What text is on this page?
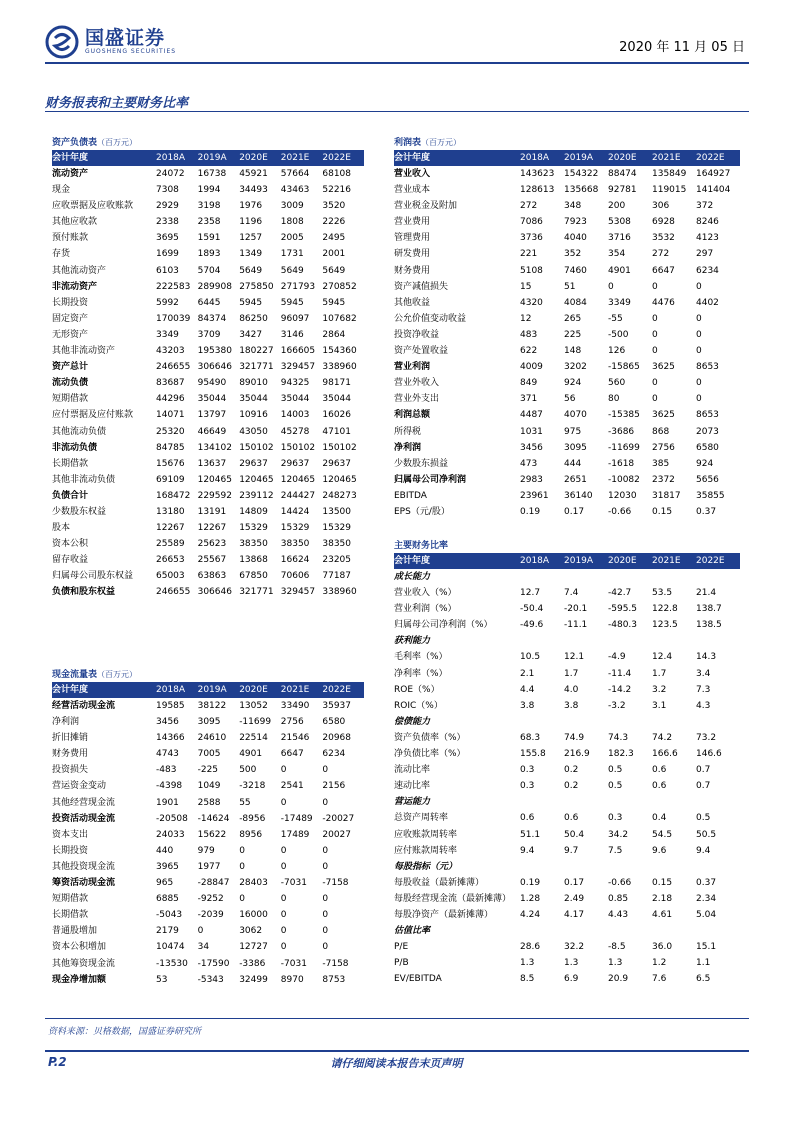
国盛证券
GUOSHENG SECURITIES	2020 年 11 月 05 日
财务报表和主要财务比率
资产负债表（百万元）
会计年度	2018A	2019A	2020E	2021E	2022E
流动资产	24072	16738	45921	57664	68108
现金	7308	1994	34493	43463	52216
应收票据及应收账款	2929	3198	1976	3009	3520
其他应收款	2338	2358	1196	1808	2226
预付账款	3695	1591	1257	2005	2495
存货	1699	1893	1349	1731	2001
其他流动资产	6103	5704	5649	5649	5649
非流动资产	222583 289908 275850 271793 270852
长期投资	5992	6445	5945	5945	5945
固定资产	170039 84374	86250	96097	107682
无形资产	3349	3709	3427	3146	2864
其他非流动资产	43203	195380 180227 166605 154360
资产总计	246655 306646 321771 329457 338960
流动负债	83687	95490	89010	94325	98171
短期借款	44296	35044	35044	35044	35044
应付票据及应付账款	14071	13797	10916	14003	16026
其他流动负债	25320	46649	43050	45278	47101
非流动负债	84785	134102 150102 150102 150102
长期借款	15676	13637	29637	29637	29637
其他非流动负债	69109	120465 120465 120465 120465
负债合计	168472 229592 239112 244427 248273
少数股东权益	13180	13191	14809	14424	13500
股本	12267	12267	15329	15329	15329
资本公积	25589	25623	38350	38350	38350
留存收益	26653	25567	13868	16624	23205
归属母公司股东权益	65003	63863	67850	70606	77187
负债和股东权益	246655 306646 321771 329457 338960
现金流量表（百万元）
会计年度	2018A	2019A	2020E	2021E	2022E
经营活动现金流	19585	38122	13052	33490	35937
净利润	3456	3095	-11699	2756	6580
折旧摊销	14366	24610	22514	21546	20968
财务费用	4743	7005	4901	6647	6234
投资损失	-483	-225	500	0	0
营运资金变动	-4398	1049	-3218	2541	2156
其他经营现金流	1901	2588	55	0	0
投资活动现金流	-20508	-14624	-8956	-17489	-20027
资本支出	24033	15622	8956	17489	20027
长期投资	440	979	0	0	0
其他投资现金流	3965	1977	0	0	0
筹资活动现金流	965	-28847	28403	-7031	-7158
短期借款	6885	-9252	0	0	0
长期借款	-5043	-2039	16000	0	0
普通股增加	2179	0	3062	0	0
资本公积增加	10474	34	12727	0	0
其他筹资现金流	-13530	-17590	-3386	-7031	-7158
现金净增加额	53	-5343	32499	8970	8753
利润表（百万元）
会计年度	2018A	2019A	2020E	2021E	2022E
营业收入	143623	154322	88474	135849	164927
营业成本	128613	135668	92781	119015	141404
营业税金及附加	272	348	200	306	372
营业费用	7086	7923	5308	6928	8246
管理费用	3736	4040	3716	3532	4123
研发费用	221	352	354	272	297
财务费用	5108	7460	4901	6647	6234
资产减值损失	15	51	0	0	0
其他收益	4320	4084	3349	4476	4402
公允价值变动收益	12	265	-55	0	0
投资净收益	483	225	-500	0	0
资产处置收益	622	148	126	0	0
营业利润	4009	3202	-15865	3625	8653
营业外收入	849	924	560	0	0
营业外支出	371	56	80	0	0
利润总额	4487	4070	-15385	3625	8653
所得税	1031	975	-3686	868	2073
净利润	3456	3095	-11699	2756	6580
少数股东损益	473	444	-1618	385	924
归属母公司净利润	2983	2651	-10082	2372	5656
EBITDA	23961	36140	12030	31817	35855
EPS（元/股）	0.19	0.17	-0.66	0.15	0.37
主要财务比率
会计年度	2018A	2019A	2020E	2021E	2022E
成长能力
营业收入（%）	12.7	7.4	-42.7	53.5	21.4
营业利润（%）	-50.4	-20.1	-595.5	122.8	138.7
归属母公司净利润（%）	-49.6	-11.1	-480.3	123.5	138.5
获利能力
毛利率（%）	10.5	12.1	-4.9	12.4	14.3
净利率（%）	2.1	1.7	-11.4	1.7	3.4
ROE（%）	4.4	4.0	-14.2	3.2	7.3
ROIC（%）	3.8	3.8	-3.2	3.1	4.3
偿债能力
资产负债率（%）	68.3	74.9	74.3	74.2	73.2
净负债比率（%）	155.8	216.9	182.3	166.6	146.6
流动比率	0.3	0.2	0.5	0.6	0.7
速动比率	0.3	0.2	0.5	0.6	0.7
营运能力
总资产周转率	0.6	0.6	0.3	0.4	0.5
应收账款周转率	51.1	50.4	34.2	54.5	50.5
应付账款周转率	9.4	9.7	7.5	9.6	9.4
每股指标（元）
每股收益（最新摊薄）	0.19	0.17	-0.66	0.15	0.37
每股经营现金流（最新摊薄） 1.28	2.49	0.85	2.18	2.34
每股净资产（最新摊薄）	4.24	4.17	4.43	4.61	5.04
估值比率
P/E	28.6	32.2	-8.5	36.0	15.1
P/B	1.3	1.3	1.3	1.2	1.1
EV/EBITDA	8.5	6.9	20.9	7.6	6.5
资料来源：贝格数据，国盛证券研究所
P.2	请仔细阅读本报告末页声明
